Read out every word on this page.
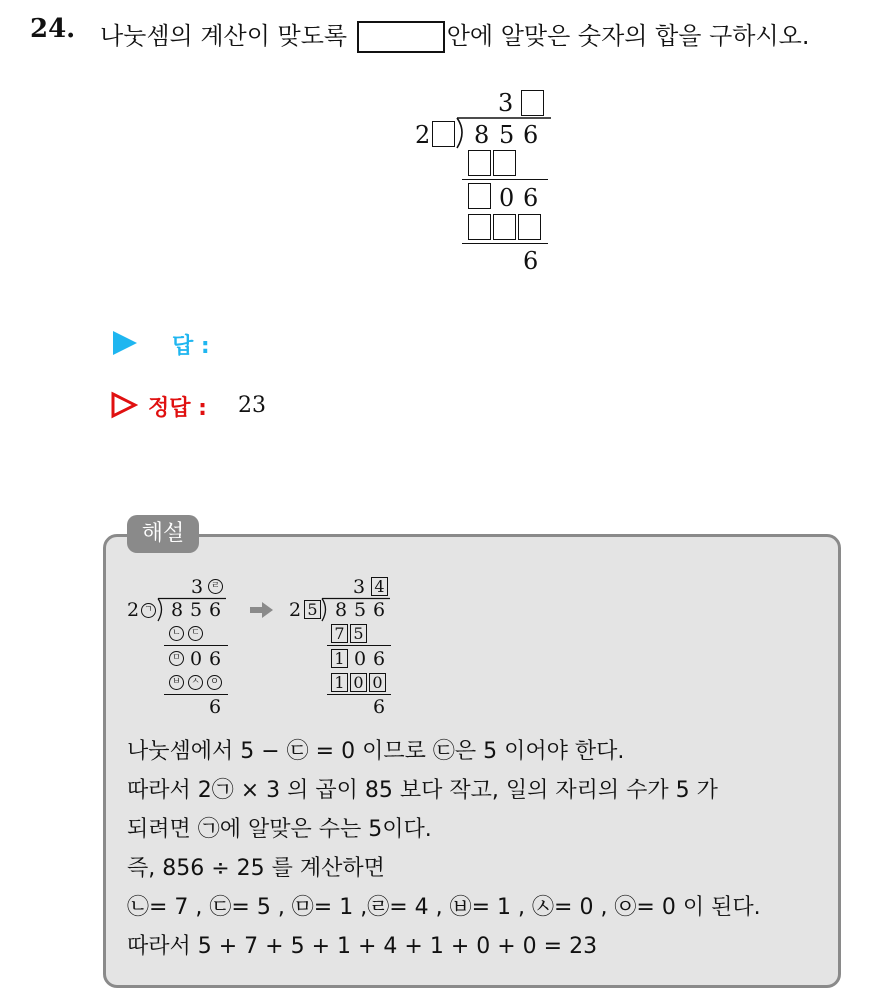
24. 나눗셈의 계산이 맞도록	안에 알맞은 숫자의 합을 구하시오.
3
2 8 5 6
0 6
6
답 :
정답 : 23
해설
3 ㄹ
2 ㄱ 8 5 6
ㄴ	ㄷ
ㅁ 0 6
ㅂ	ㅅ	ㅇ
6
3 4
2 5 8 5 6
7 5
1 0 6
1 0 0
6
나눗셈에서 5 − ㉢ = 0 이므로 ㉢은 5 이어야 한다.
따라서 2㉠ × 3 의 곱이 85 보다 작고, 일의 자리의 수가 5 가
되려면 ㉠에 알맞은 수는 5이다.
즉, 856 ÷ 25 를 계산하면
㉡= 7 , ㉢= 5 , ㉤= 1 ,㉣= 4 , ㉥= 1 , ㉦= 0 , ㉧= 0 이 된다.
따라서 5 + 7 + 5 + 1 + 4 + 1 + 0 + 0 = 23
